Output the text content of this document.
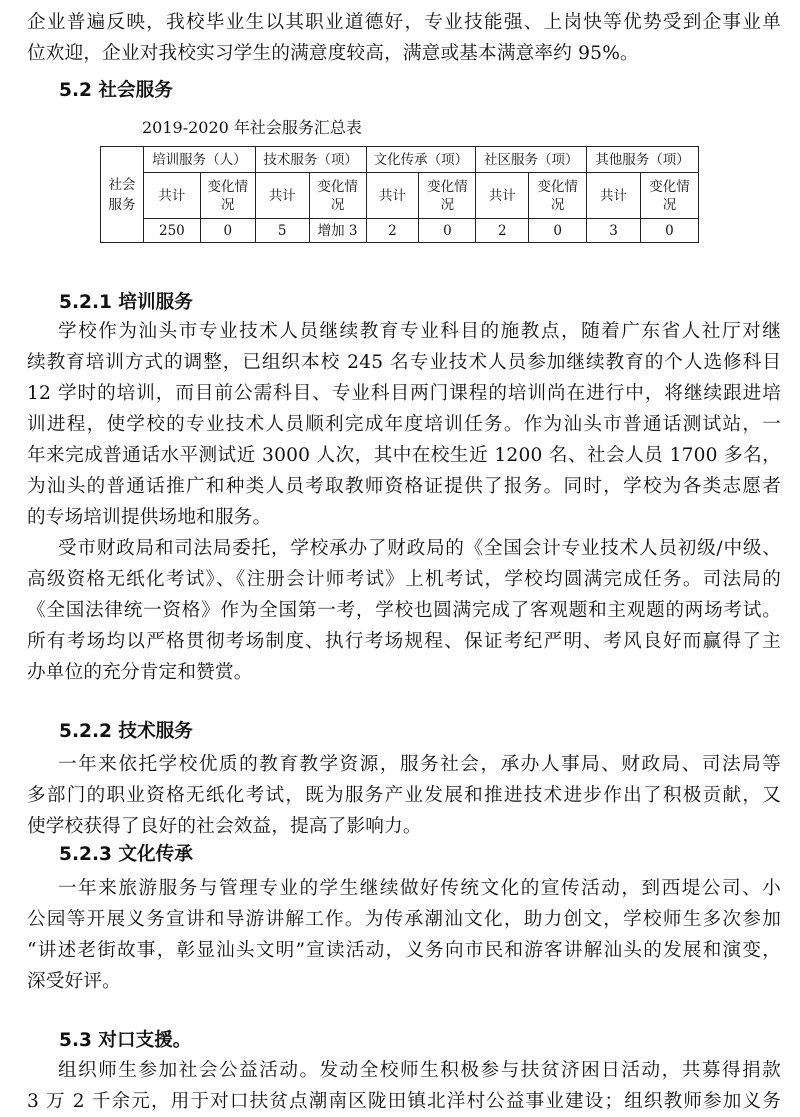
企业普遍反映，我校毕业生以其职业道德好，专业技能强、上岗快等优势受到企事业单
位欢迎，企业对我校实习学生的满意度较高，满意或基本满意率约 95%。
5.2 社会服务
2019-2020 年社会服务汇总表
社会服务	培训服务（人）		技术服务（项）		文化传承（项）		社区服务（项）		其他服务（项）	
	共计	变化情况	共计	变化情况	共计	变化情况	共计	变化情况	共计	变化情况
	250	0	5	增加 3	2	0	2	0	3	0
5.2.1 培训服务
学校作为汕头市专业技术人员继续教育专业科目的施教点，随着广东省人社厅对继
续教育培训方式的调整，已组织本校 245 名专业技术人员参加继续教育的个人选修科目
12 学时的培训，而目前公需科目、专业科目两门课程的培训尚在进行中，将继续跟进培
训进程，使学校的专业技术人员顺利完成年度培训任务。作为汕头市普通话测试站，一
年来完成普通话水平测试近 3000 人次，其中在校生近 1200 名、社会人员 1700 多名，
为汕头的普通话推广和种类人员考取教师资格证提供了报务。同时，学校为各类志愿者
的专场培训提供场地和服务。
受市财政局和司法局委托，学校承办了财政局的《全国会计专业技术人员初级/中级、
高级资格无纸化考试》、《注册会计师考试》上机考试，学校均圆满完成任务。司法局的
《全国法律统一资格》作为全国第一考，学校也圆满完成了客观题和主观题的两场考试。
所有考场均以严格贯彻考场制度、执行考场规程、保证考纪严明、考风良好而赢得了主
办单位的充分肯定和赞赏。
5.2.2 技术服务
一年来依托学校优质的教育教学资源，服务社会，承办人事局、财政局、司法局等
多部门的职业资格无纸化考试，既为服务产业发展和推进技术进步作出了积极贡献，又
使学校获得了良好的社会效益，提高了影响力。
5.2.3 文化传承
一年来旅游服务与管理专业的学生继续做好传统文化的宣传活动，到西堤公司、小
公园等开展义务宣讲和导游讲解工作。为传承潮汕文化，助力创文，学校师生多次参加
“讲述老街故事，彰显汕头文明”宣读活动，义务向市民和游客讲解汕头的发展和演变，
深受好评。
5.3 对口支援。
组织师生参加社会公益活动。发动全校师生积极参与扶贫济困日活动，共募得捐款
3 万 2 千余元，用于对口扶贫点潮南区陇田镇北洋村公益事业建设；组织教师参加义务
